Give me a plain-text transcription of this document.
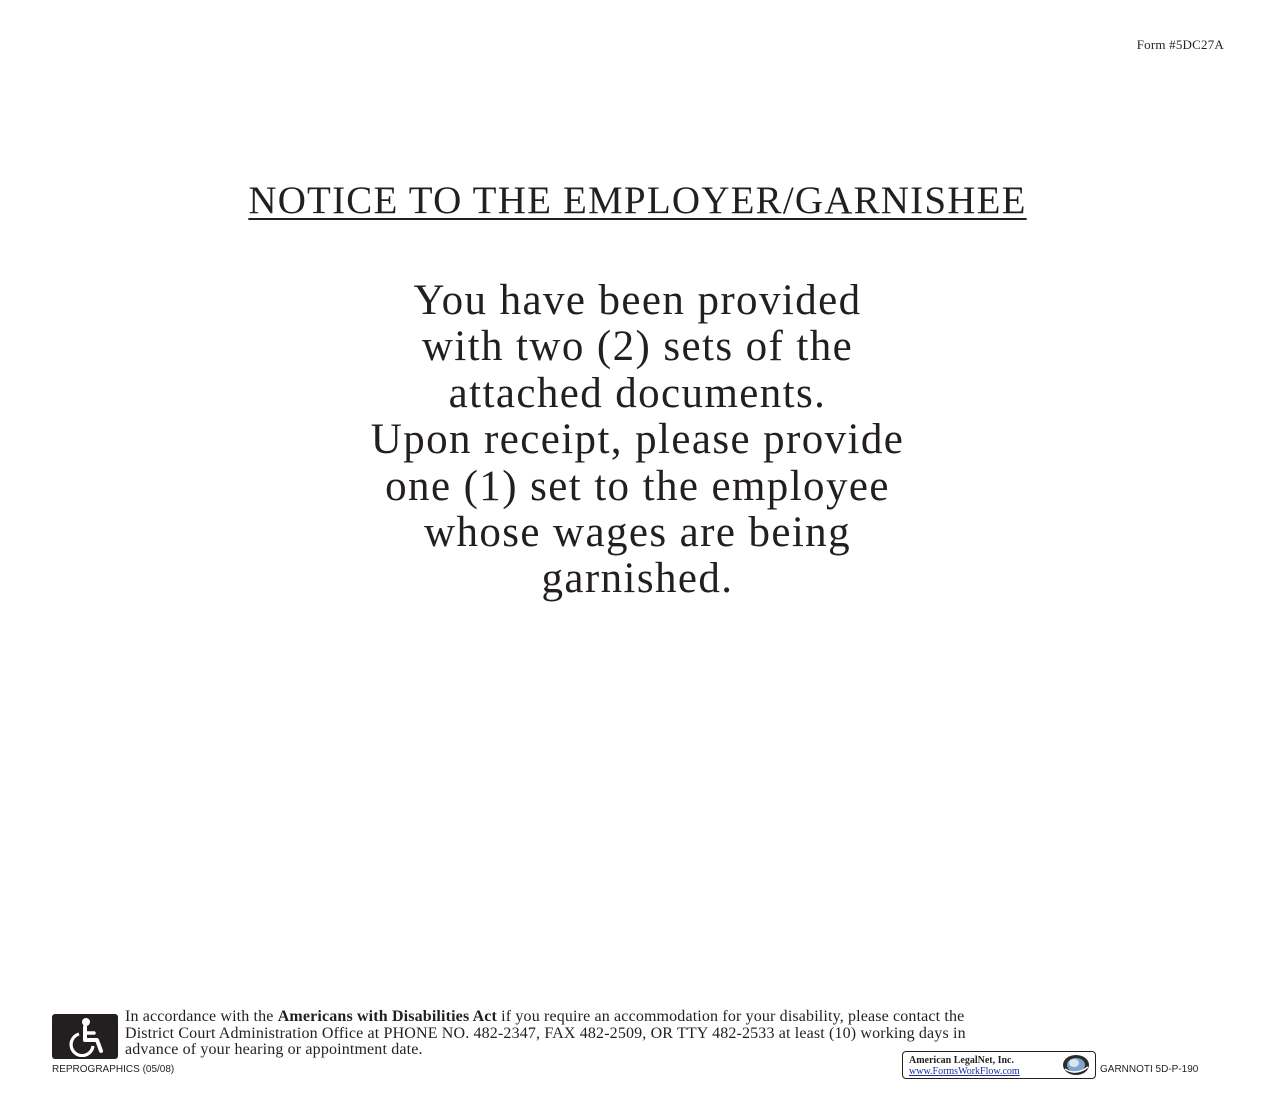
Form #5DC27A
NOTICE TO THE EMPLOYER/GARNISHEE

You have been provided
with two (2) sets of the
attached documents.
Upon receipt, please provide
one (1) set to the employee
whose wages are being
garnished.

In accordance with the Americans with Disabilities Act if you require an accommodation for your disability, please contact the
District Court Administration Office at PHONE NO. 482-2347, FAX 482-2509, OR TTY 482-2533 at least (10) working days in
advance of your hearing or appointment date.
REPROGRAPHICS (05/08)
American LegalNet, Inc.
www.FormsWorkFlow.com	GARNNOTI 5D-P-190
